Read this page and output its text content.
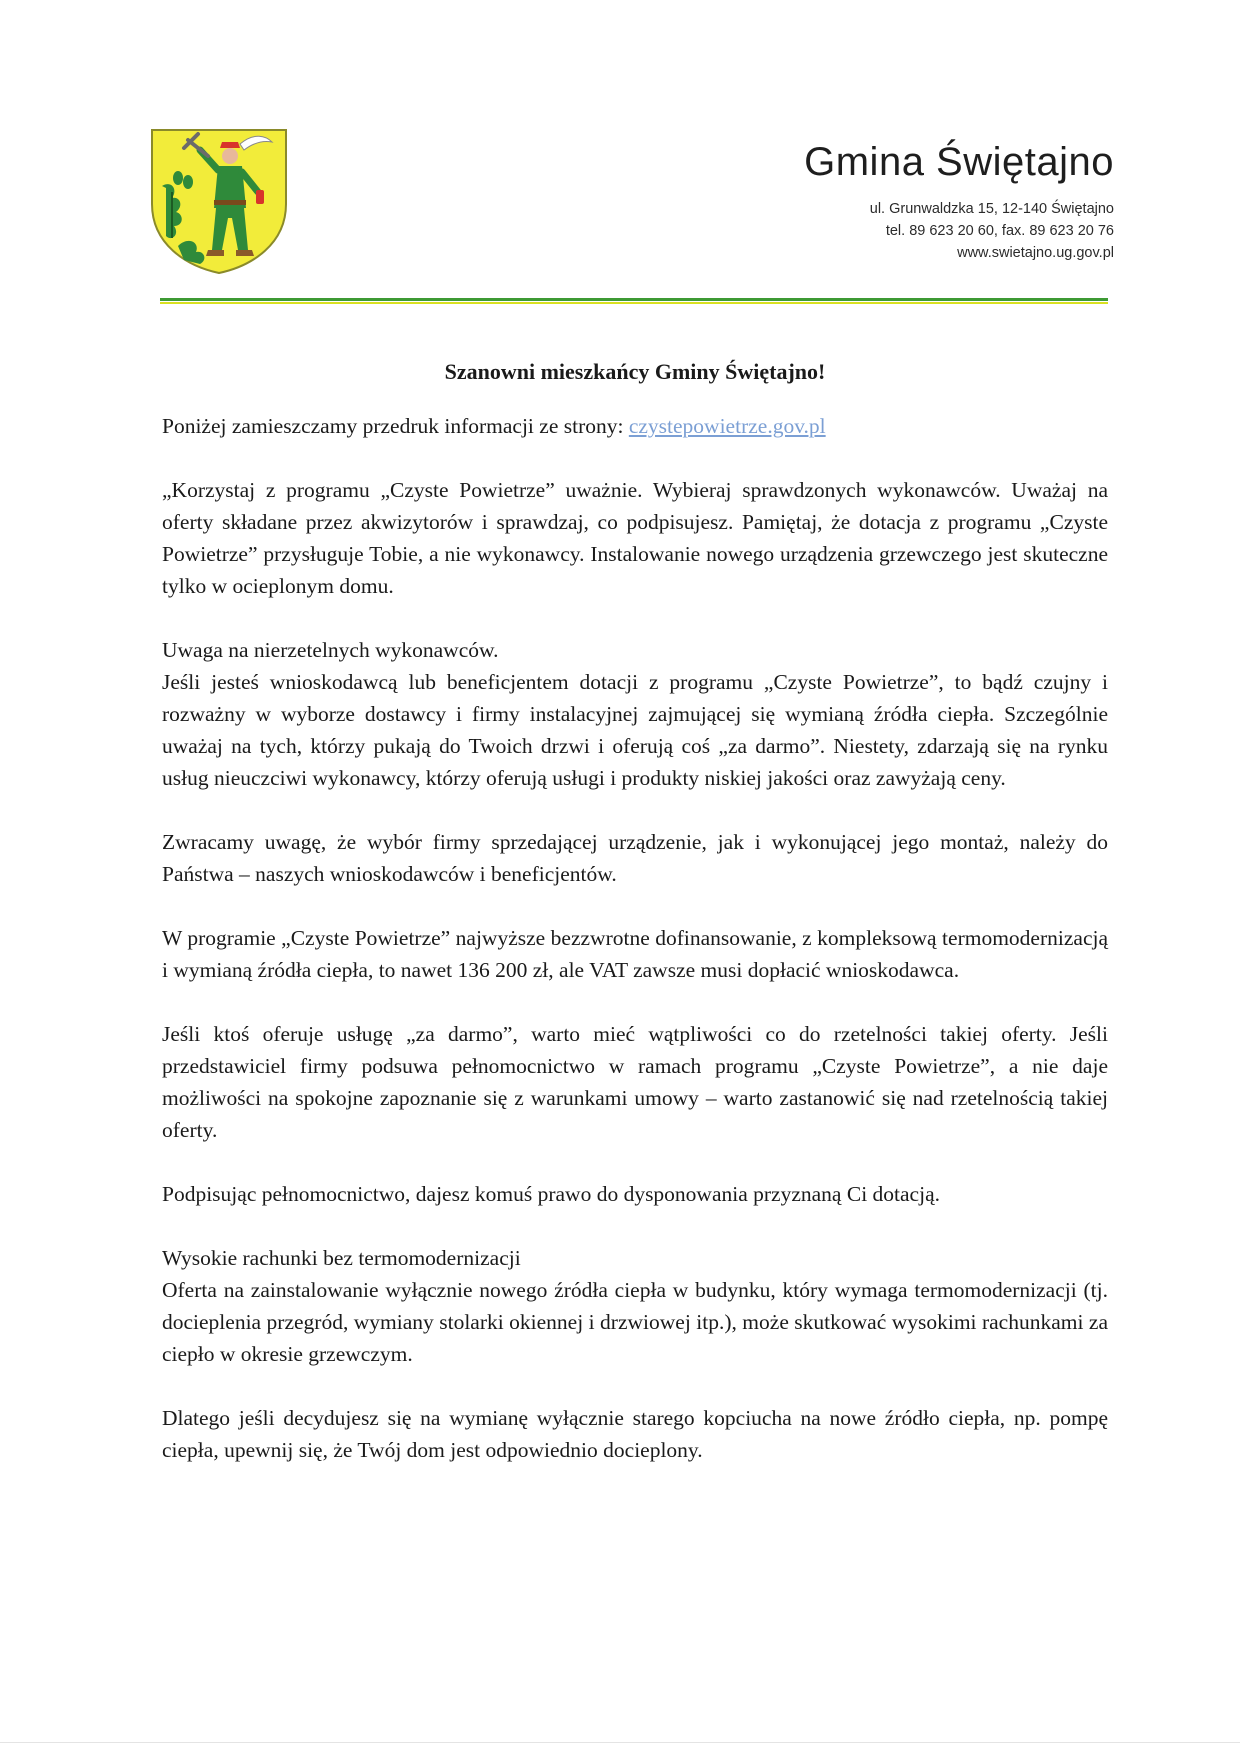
Gmina Świętajno
ul. Grunwaldzka 15, 12-140 Świętajno
tel. 89 623 20 60, fax. 89 623 20 76
www.swietajno.ug.gov.pl
Szanowni mieszkańcy Gminy Świętajno!

Poniżej zamieszczamy przedruk informacji ze strony: czystepowietrze.gov.pl

„Korzystaj z programu „Czyste Powietrze” uważnie. Wybieraj sprawdzonych wykonawców. Uważaj na oferty składane przez akwizytorów i sprawdzaj, co podpisujesz. Pamiętaj, że dotacja z programu „Czyste Powietrze” przysługuje Tobie, a nie wykonawcy. Instalowanie nowego urządzenia grzewczego jest skuteczne tylko w ocieplonym domu.

Uwaga na nierzetelnych wykonawców.

Jeśli jesteś wnioskodawcą lub beneficjentem dotacji z programu „Czyste Powietrze”, to bądź czujny i rozważny w wyborze dostawcy i firmy instalacyjnej zajmującej się wymianą źródła ciepła. Szczególnie uważaj na tych, którzy pukają do Twoich drzwi i oferują coś „za darmo”. Niestety, zdarzają się na rynku usług nieuczciwi wykonawcy, którzy oferują usługi i produkty niskiej jakości oraz zawyżają ceny.

Zwracamy uwagę, że wybór firmy sprzedającej urządzenie, jak i wykonującej jego montaż, należy do Państwa – naszych wnioskodawców i beneficjentów.

W programie „Czyste Powietrze” najwyższe bezzwrotne dofinansowanie, z kompleksową termomodernizacją i wymianą źródła ciepła, to nawet 136 200 zł, ale VAT zawsze musi dopłacić wnioskodawca.

Jeśli ktoś oferuje usługę „za darmo”, warto mieć wątpliwości co do rzetelności takiej oferty. Jeśli przedstawiciel firmy podsuwa pełnomocnictwo w ramach programu „Czyste Powietrze”, a nie daje możliwości na spokojne zapoznanie się z warunkami umowy – warto zastanowić się nad rzetelnością takiej oferty.

Podpisując pełnomocnictwo, dajesz komuś prawo do dysponowania przyznaną Ci dotacją.

Wysokie rachunki bez termomodernizacji

Oferta na zainstalowanie wyłącznie nowego źródła ciepła w budynku, który wymaga termomodernizacji (tj. docieplenia przegród, wymiany stolarki okiennej i drzwiowej itp.), może skutkować wysokimi rachunkami za ciepło w okresie grzewczym.

Dlatego jeśli decydujesz się na wymianę wyłącznie starego kopciucha na nowe źródło ciepła, np. pompę ciepła, upewnij się, że Twój dom jest odpowiednio docieplony.
